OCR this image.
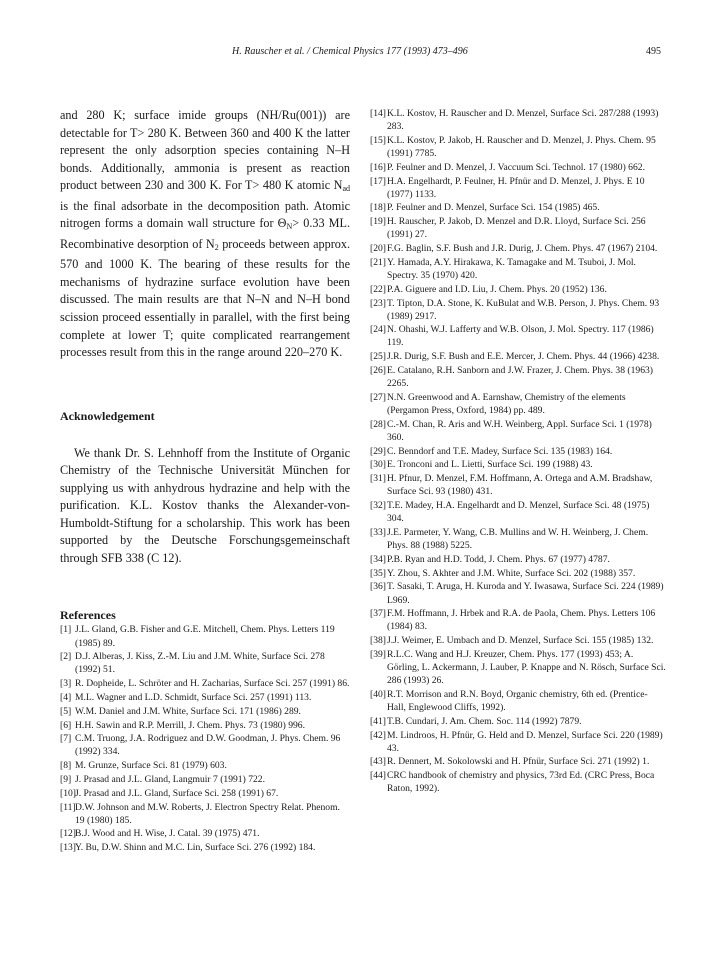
H. Rauscher et al. / Chemical Physics 177 (1993) 473–496	495

and 280 K; surface imide groups (NH/Ru(001)) are detectable for T> 280 K. Between 360 and 400 K the latter represent the only adsorption species containing N–H bonds. Additionally, ammonia is present as reaction product between 230 and 300 K. For T> 480 K atomic $N_{ad}$ is the final adsorbate in the decomposition path. Atomic nitrogen forms a domain wall structure for $\Theta_N> 0.33$ ML. Recombinative desorption of $N_2$ proceeds between approx. 570 and 1000 K. The bearing of these results for the mechanisms of hydrazine surface evolution have been discussed. The main results are that N–N and N–H bond scission proceed essentially in parallel, with the first being complete at lower T; quite complicated rearrangement processes result from this in the range around 220–270 K.

Acknowledgement

We thank Dr. S. Lehnhoff from the Institute of Organic Chemistry of the Technische Universität München for supplying us with anhydrous hydrazine and help with the purification. K.L. Kostov thanks the Alexander-von-Humboldt-Stiftung for a scholarship. This work has been supported by the Deutsche Forschungsgemeinschaft through SFB 338 (C 12).

References
[1] J.L. Gland, G.B. Fisher and G.E. Mitchell, Chem. Phys. Letters 119 (1985) 89.
[2] D.J. Alberas, J. Kiss, Z.-M. Liu and J.M. White, Surface Sci. 278 (1992) 51.
[3] R. Dopheide, L. Schröter and H. Zacharias, Surface Sci. 257 (1991) 86.
[4] M.L. Wagner and L.D. Schmidt, Surface Sci. 257 (1991) 113.
[5] W.M. Daniel and J.M. White, Surface Sci. 171 (1986) 289.
[6] H.H. Sawin and R.P. Merrill, J. Chem. Phys. 73 (1980) 996.
[7] C.M. Truong, J.A. Rodriguez and D.W. Goodman, J. Phys. Chem. 96 (1992) 334.
[8] M. Grunze, Surface Sci. 81 (1979) 603.
[9] J. Prasad and J.L. Gland, Langmuir 7 (1991) 722.
[10] J. Prasad and J.L. Gland, Surface Sci. 258 (1991) 67.
[11] D.W. Johnson and M.W. Roberts, J. Electron Spectry Relat. Phenom. 19 (1980) 185.
[12] B.J. Wood and H. Wise, J. Catal. 39 (1975) 471.
[13] Y. Bu, D.W. Shinn and M.C. Lin, Surface Sci. 276 (1992) 184.
[14] K.L. Kostov, H. Rauscher and D. Menzel, Surface Sci. 287/288 (1993) 283.
[15] K.L. Kostov, P. Jakob, H. Rauscher and D. Menzel, J. Phys. Chem. 95 (1991) 7785.
[16] P. Feulner and D. Menzel, J. Vaccuum Sci. Technol. 17 (1980) 662.
[17] H.A. Engelhardt, P. Feulner, H. Pfnür and D. Menzel, J. Phys. E 10 (1977) 1133.
[18] P. Feulner and D. Menzel, Surface Sci. 154 (1985) 465.
[19] H. Rauscher, P. Jakob, D. Menzel and D.R. Lloyd, Surface Sci. 256 (1991) 27.
[20] F.G. Baglin, S.F. Bush and J.R. Durig, J. Chem. Phys. 47 (1967) 2104.
[21] Y. Hamada, A.Y. Hirakawa, K. Tamagake and M. Tsuboi, J. Mol. Spectry. 35 (1970) 420.
[22] P.A. Giguere and I.D. Liu, J. Chem. Phys. 20 (1952) 136.
[23] T. Tipton, D.A. Stone, K. KuBulat and W.B. Person, J. Phys. Chem. 93 (1989) 2917.
[24] N. Ohashi, W.J. Lafferty and W.B. Olson, J. Mol. Spectry. 117 (1986) 119.
[25] J.R. Durig, S.F. Bush and E.E. Mercer, J. Chem. Phys. 44 (1966) 4238.
[26] E. Catalano, R.H. Sanborn and J.W. Frazer, J. Chem. Phys. 38 (1963) 2265.
[27] N.N. Greenwood and A. Earnshaw, Chemistry of the elements (Pergamon Press, Oxford, 1984) pp. 489.
[28] C.-M. Chan, R. Aris and W.H. Weinberg, Appl. Surface Sci. 1 (1978) 360.
[29] C. Benndorf and T.E. Madey, Surface Sci. 135 (1983) 164.
[30] E. Tronconi and L. Lietti, Surface Sci. 199 (1988) 43.
[31] H. Pfnur, D. Menzel, F.M. Hoffmann, A. Ortega and A.M. Bradshaw, Surface Sci. 93 (1980) 431.
[32] T.E. Madey, H.A. Engelhardt and D. Menzel, Surface Sci. 48 (1975) 304.
[33] J.E. Parmeter, Y. Wang, C.B. Mullins and W. H. Weinberg, J. Chem. Phys. 88 (1988) 5225.
[34] P.B. Ryan and H.D. Todd, J. Chem. Phys. 67 (1977) 4787.
[35] Y. Zhou, S. Akhter and J.M. White, Surface Sci. 202 (1988) 357.
[36] T. Sasaki, T. Aruga, H. Kuroda and Y. Iwasawa, Surface Sci. 224 (1989) L969.
[37] F.M. Hoffmann, J. Hrbek and R.A. de Paola, Chem. Phys. Letters 106 (1984) 83.
[38] J.J. Weimer, E. Umbach and D. Menzel, Surface Sci. 155 (1985) 132.
[39] R.L.C. Wang and H.J. Kreuzer, Chem. Phys. 177 (1993) 453; A. Görling, L. Ackermann, J. Lauber, P. Knappe and N. Rösch, Surface Sci. 286 (1993) 26.
[40] R.T. Morrison and R.N. Boyd, Organic chemistry, 6th ed. (Prentice-Hall, Englewood Cliffs, 1992).
[41] T.B. Cundari, J. Am. Chem. Soc. 114 (1992) 7879.
[42] M. Lindroos, H. Pfnür, G. Held and D. Menzel, Surface Sci. 220 (1989) 43.
[43] R. Dennert, M. Sokolowski and H. Pfnür, Surface Sci. 271 (1992) 1.
[44] CRC handbook of chemistry and physics, 73rd Ed. (CRC Press, Boca Raton, 1992).
